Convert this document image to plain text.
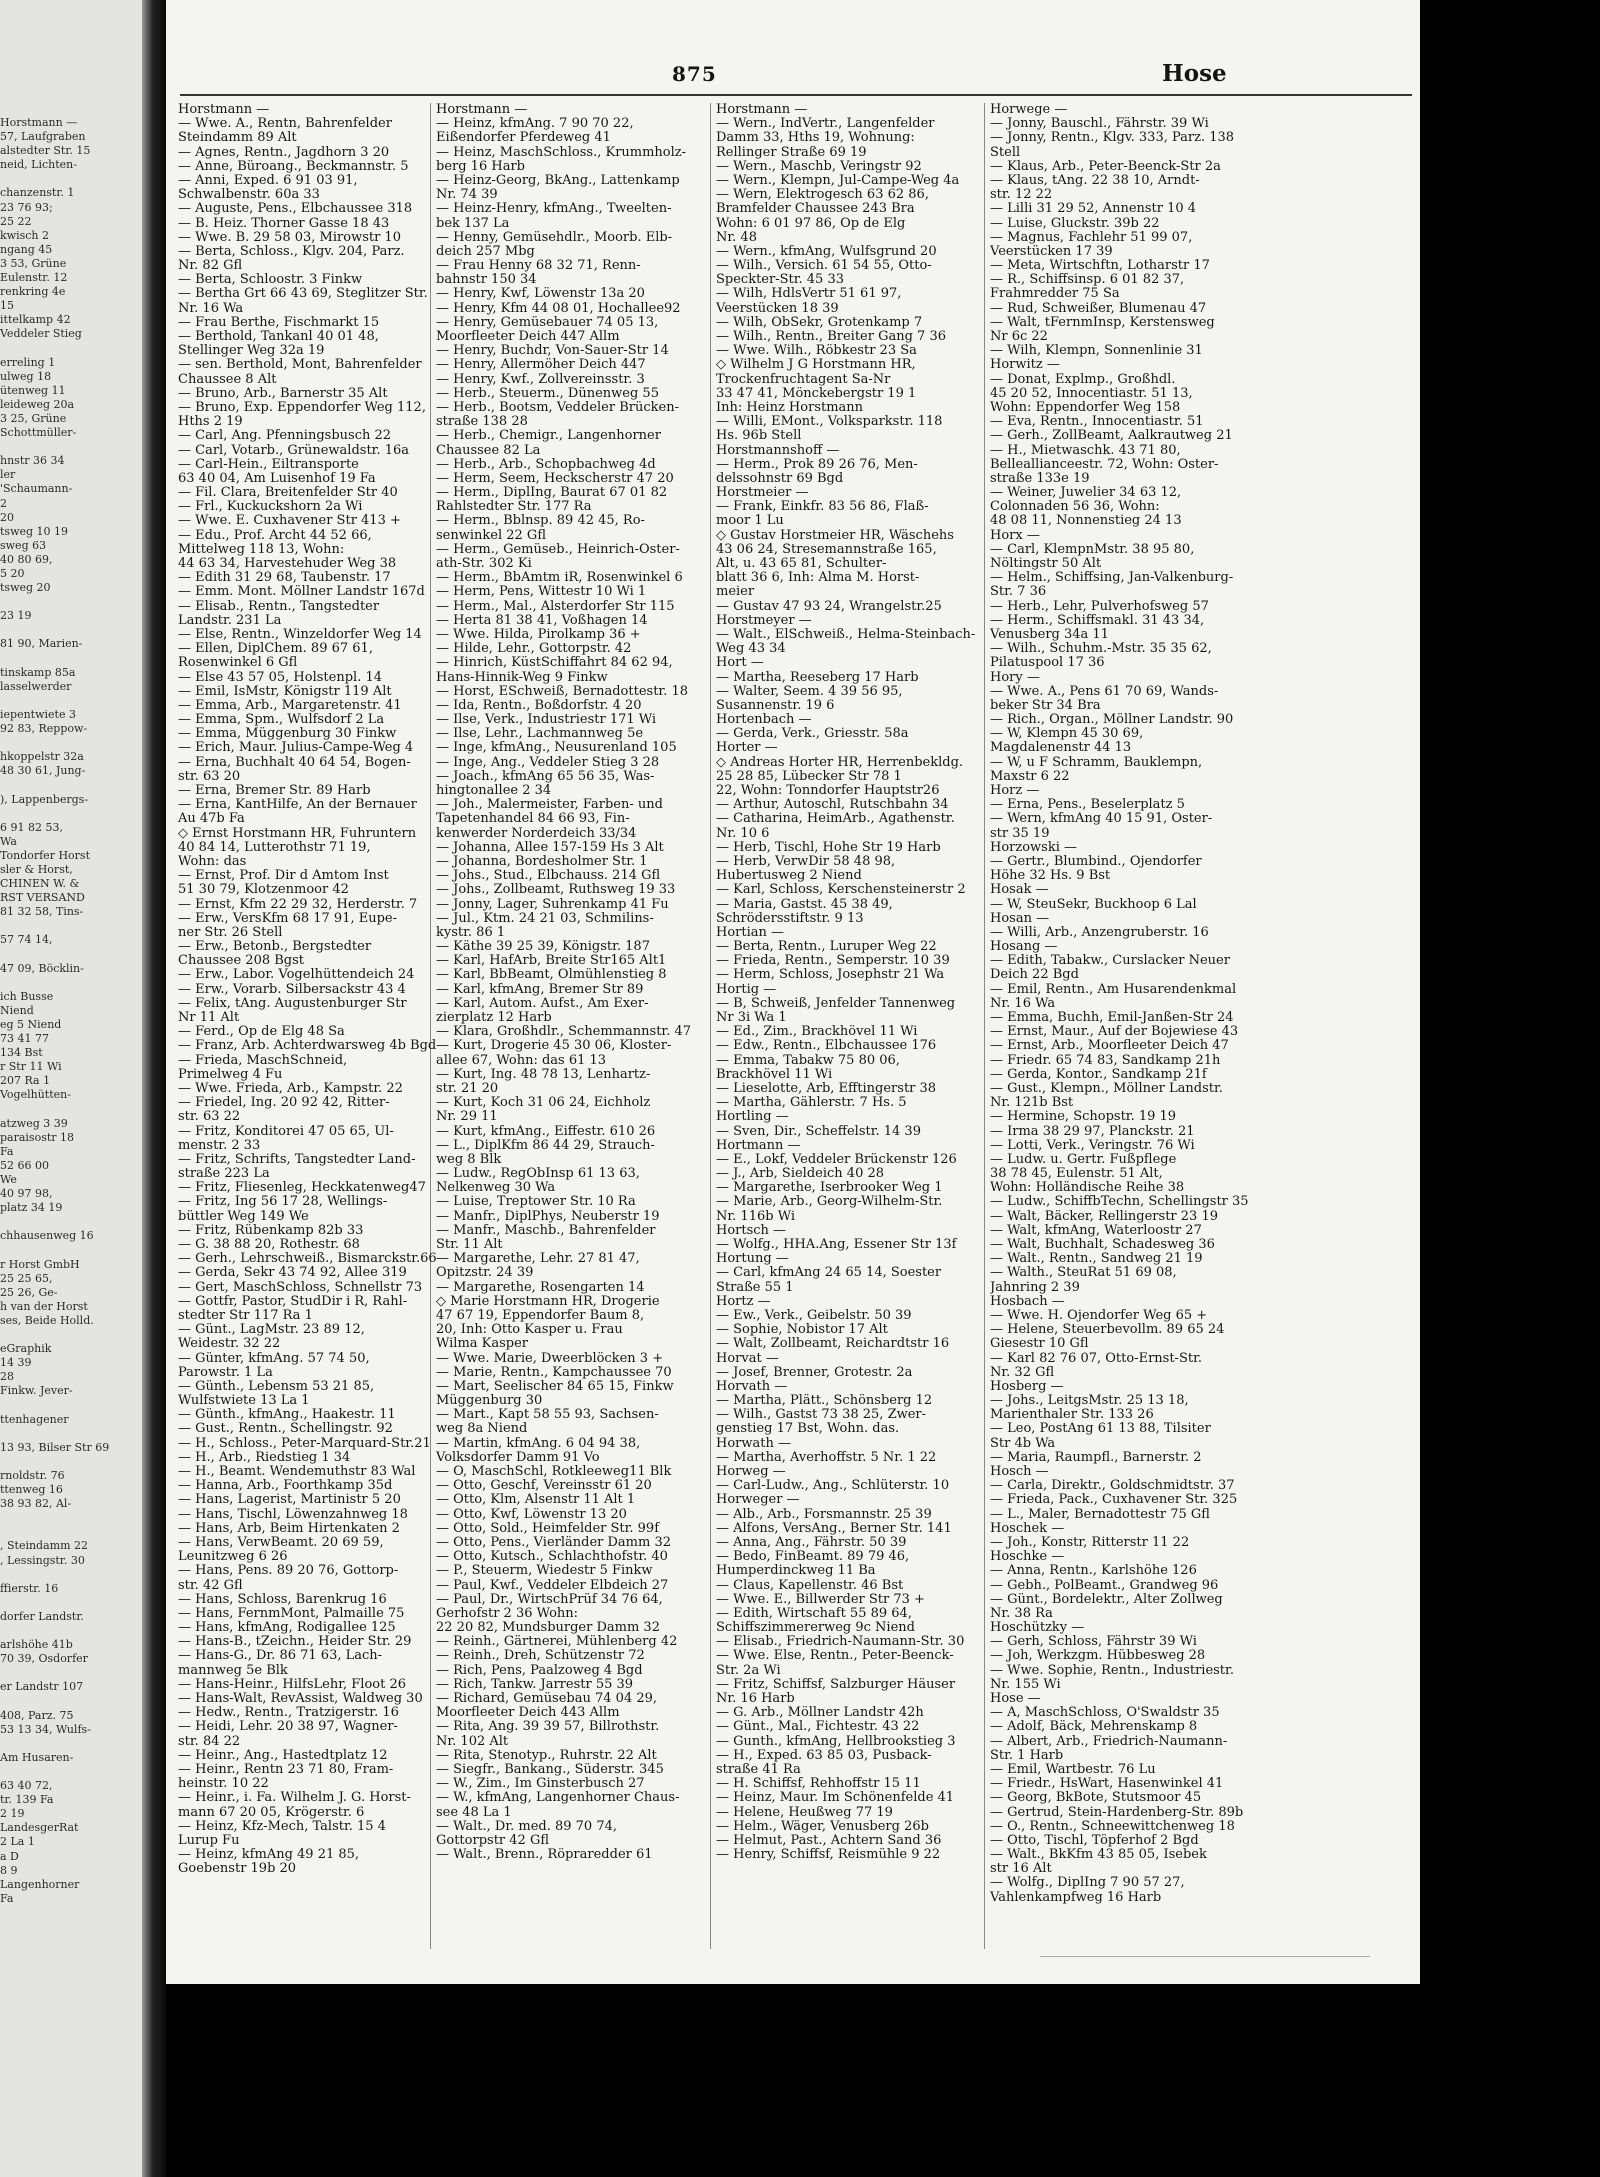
Horstmann —
57, Laufgraben
alstedter Str. 15
neid, Lichten-
chanzenstr. 1
23 76 93;
25 22
kwisch 2
ngang 45
3 53, Grüne
Eulenstr. 12
renkring 4e
15
ittelkamp 42
Veddeler Stieg
erreling 1
ulweg 18
ütenweg 11
leideweg 20a
3 25, Grüne
Schottmüller-
hnstr 36 34
ler
'Schaumann-
2
20
tsweg 10 19
sweg 63
40 80 69,
5 20
tsweg 20
23 19
81 90, Marien-
tinskamp 85a
lasselwerder
iepentwiete 3
92 83, Reppow-
hkoppelstr 32a
48 30 61, Jung-
), Lappenbergs-
6 91 82 53,
Wa
Tondorfer Horst
sler & Horst,
CHINEN W. &
RST VERSAND
81 32 58, Tins-
57 74 14,
47 09, Böcklin-
ich Busse
Niend
eg 5 Niend
73 41 77
134 Bst
r Str 11 Wi
207 Ra 1
Vogelhütten-
atzweg 3 39
paraisostr 18
Fa
52 66 00
We
40 97 98,
platz 34 19
chhausenweg 16
r Horst GmbH
25 25 65,
25 26, Ge-
h van der Horst
ses, Beide Holld.
eGraphik
14 39
28
Finkw. Jever-
ttenhagener
13 93, Bilser Str 69
rnoldstr. 76
ttenweg 16
38 93 82, Al-
, Steindamm 22
, Lessingstr. 30
ffierstr. 16
dorfer Landstr.
arlshöhe 41b
70 39, Osdorfer
er Landstr 107
408, Parz. 75
53 13 34, Wulfs-
Am Husaren-
63 40 72,
tr. 139 Fa
2 19
LandesgerRat
2 La 1
a D
8 9
Langenhorner
Fa
875	Hose
Horstmann —
— Wwe. A., Rentn, Bahrenfelder
Steindamm 89 Alt
— Agnes, Rentn., Jagdhorn 3 20
— Anne, Büroang., Beckmannstr. 5
— Anni, Exped. 6 91 03 91,
Schwalbenstr. 60a 33
— Auguste, Pens., Elbchaussee 318
— B. Heiz. Thorner Gasse 18 43
— Wwe. B. 29 58 03, Mirowstr 10
— Berta, Schloss., Klgv. 204, Parz.
Nr. 82 Gfl
— Berta, Schloostr. 3 Finkw
— Bertha Grt 66 43 69, Steglitzer Str.
Nr. 16 Wa
— Frau Berthe, Fischmarkt 15
— Berthold, Tankanl 40 01 48,
Stellinger Weg 32a 19
— sen. Berthold, Mont, Bahrenfelder
Chaussee 8 Alt
— Bruno, Arb., Barnerstr 35 Alt
— Bruno, Exp. Eppendorfer Weg 112,
Hths 2 19
— Carl, Ang. Pfenningsbusch 22
— Carl, Votarb., Grünewaldstr. 16a
— Carl-Hein., Eiltransporte
63 40 04, Am Luisenhof 19 Fa
— Fil. Clara, Breitenfelder Str 40
— Frl., Kuckuckshorn 2a Wi
— Wwe. E. Cuxhavener Str 413 +
— Edu., Prof. Archt 44 52 66,
Mittelweg 118 13, Wohn:
44 63 34, Harvestehuder Weg 38
— Edith 31 29 68, Taubenstr. 17
— Emm. Mont. Möllner Landstr 167d
— Elisab., Rentn., Tangstedter
Landstr. 231 La
— Else, Rentn., Winzeldorfer Weg 14
— Ellen, DiplChem. 89 67 61,
Rosenwinkel 6 Gfl
— Else 43 57 05, Holstenpl. 14
— Emil, IsMstr, Königstr 119 Alt
— Emma, Arb., Margaretenstr. 41
— Emma, Spm., Wulfsdorf 2 La
— Emma, Müggenburg 30 Finkw
— Erich, Maur. Julius-Campe-Weg 4
— Erna, Buchhalt 40 64 54, Bogen-
str. 63 20
— Erna, Bremer Str. 89 Harb
— Erna, KantHilfe, An der Bernauer
Au 47b Fa
◇ Ernst Horstmann HR, Fuhruntern
40 84 14, Lutterothstr 71 19,
Wohn: das
— Ernst, Prof. Dir d Amtom Inst
51 30 79, Klotzenmoor 42
— Ernst, Kfm 22 29 32, Herderstr. 7
— Erw., VersKfm 68 17 91, Eupe-
ner Str. 26 Stell
— Erw., Betonb., Bergstedter
Chaussee 208 Bgst
— Erw., Labor. Vogelhüttendeich 24
— Erw., Vorarb. Silbersackstr 43 4
— Felix, tAng. Augustenburger Str
Nr 11 Alt
— Ferd., Op de Elg 48 Sa
— Franz, Arb. Achterdwarsweg 4b Bgd
— Frieda, MaschSchneid,
Primelweg 4 Fu
— Wwe. Frieda, Arb., Kampstr. 22
— Friedel, Ing. 20 92 42, Ritter-
str. 63 22
— Fritz, Konditorei 47 05 65, Ul-
menstr. 2 33
— Fritz, Schrifts, Tangstedter Land-
straße 223 La
— Fritz, Fliesenleg, Heckkatenweg47
— Fritz, Ing 56 17 28, Wellings-
büttler Weg 149 We
— Fritz, Rübenkamp 82b 33
— G. 38 88 20, Rothestr. 68
— Gerh., Lehrschweiß., Bismarckstr.66
— Gerda, Sekr 43 74 92, Allee 319
— Gert, MaschSchloss, Schnellstr 73
— Gottfr, Pastor, StudDir i R, Rahl-
stedter Str 117 Ra 1
— Günt., LagMstr. 23 89 12,
Weidestr. 32 22
— Günter, kfmAng. 57 74 50,
Parowstr. 1 La
— Günth., Lebensm 53 21 85,
Wulfstwiete 13 La 1
— Günth., kfmAng., Haakestr. 11
— Gust., Rentn., Schellingstr. 92
— H., Schloss., Peter-Marquard-Str.21
— H., Arb., Riedstieg 1 34
— H., Beamt. Wendemuthstr 83 Wal
— Hanna, Arb., Foorthkamp 35d
— Hans, Lagerist, Martinistr 5 20
— Hans, Tischl, Löwenzahnweg 18
— Hans, Arb, Beim Hirtenkaten 2
— Hans, VerwBeamt. 20 69 59,
Leunitzweg 6 26
— Hans, Pens. 89 20 76, Gottorp-
str. 42 Gfl
— Hans, Schloss, Barenkrug 16
— Hans, FernmMont, Palmaille 75
— Hans, kfmAng, Rodigallee 125
— Hans-B., tZeichn., Heider Str. 29
— Hans-G., Dr. 86 71 63, Lach-
mannweg 5e Blk
— Hans-Heinr., HilfsLehr, Floot 26
— Hans-Walt, RevAssist, Waldweg 30
— Hedw., Rentn., Tratzigerstr. 16
— Heidi, Lehr. 20 38 97, Wagner-
str. 84 22
— Heinr., Ang., Hastedtplatz 12
— Heinr., Rentn 23 71 80, Fram-
heinstr. 10 22
— Heinr., i. Fa. Wilhelm J. G. Horst-
mann 67 20 05, Krögerstr. 6
— Heinz, Kfz-Mech, Talstr. 15 4
Lurup Fu
— Heinz, kfmAng 49 21 85,
Goebenstr 19b 20
Horstmann —
— Heinz, kfmAng. 7 90 70 22,
Eißendorfer Pferdeweg 41
— Heinz, MaschSchloss., Krummholz-
berg 16 Harb
— Heinz-Georg, BkAng., Lattenkamp
Nr. 74 39
— Heinz-Henry, kfmAng., Tweelten-
bek 137 La
— Henny, Gemüsehdlr., Moorb. Elb-
deich 257 Mbg
— Frau Henny 68 32 71, Renn-
bahnstr 150 34
— Henry, Kwf, Löwenstr 13a 20
— Henry, Kfm 44 08 01, Hochallee92
— Henry, Gemüsebauer 74 05 13,
Moorfleeter Deich 447 Allm
— Henry, Buchdr, Von-Sauer-Str 14
— Henry, Allermöher Deich 447
— Henry, Kwf., Zollvereinsstr. 3
— Herb., Steuerm., Dünenweg 55
— Herb., Bootsm, Veddeler Brücken-
straße 138 28
— Herb., Chemigr., Langenhorner
Chaussee 82 La
— Herb., Arb., Schopbachweg 4d
— Herm, Seem, Heckscherstr 47 20
— Herm., DiplIng, Baurat 67 01 82
Rahlstedter Str. 177 Ra
— Herm., Bblnsp. 89 42 45, Ro-
senwinkel 22 Gfl
— Herm., Gemüseb., Heinrich-Oster-
ath-Str. 302 Ki
— Herm., BbAmtm iR, Rosenwinkel 6
— Herm, Pens, Wittestr 10 Wi 1
— Herm., Mal., Alsterdorfer Str 115
— Herta 81 38 41, Voßhagen 14
— Wwe. Hilda, Pirolkamp 36 +
— Hilde, Lehr., Gottorpstr. 42
— Hinrich, KüstSchiffahrt 84 62 94,
Hans-Hinnik-Weg 9 Finkw
— Horst, ESchweiß, Bernadottestr. 18
— Ida, Rentn., Boßdorfstr. 4 20
— Ilse, Verk., Industriestr 171 Wi
— Ilse, Lehr., Lachmannweg 5e
— Inge, kfmAng., Neusurenland 105
— Inge, Ang., Veddeler Stieg 3 28
— Joach., kfmAng 65 56 35, Was-
hingtonallee 2 34
— Joh., Malermeister, Farben- und
Tapetenhandel 84 66 93, Fin-
kenwerder Norderdeich 33/34
— Johanna, Allee 157-159 Hs 3 Alt
— Johanna, Bordesholmer Str. 1
— Johs., Stud., Elbchauss. 214 Gfl
— Johs., Zollbeamt, Ruthsweg 19 33
— Jonny, Lager, Suhrenkamp 41 Fu
— Jul., Ktm. 24 21 03, Schmilins-
kystr. 86 1
— Käthe 39 25 39, Königstr. 187
— Karl, HafArb, Breite Str165 Alt1
— Karl, BbBeamt, Olmühlenstieg 8
— Karl, kfmAng, Bremer Str 89
— Karl, Autom. Aufst., Am Exer-
zierplatz 12 Harb
— Klara, Großhdlr., Schemmannstr. 47
— Kurt, Drogerie 45 30 06, Kloster-
allee 67, Wohn: das 61 13
— Kurt, Ing. 48 78 13, Lenhartz-
str. 21 20
— Kurt, Koch 31 06 24, Eichholz
Nr. 29 11
— Kurt, kfmAng., Eiffestr. 610 26
— L., DiplKfm 86 44 29, Strauch-
weg 8 Blk
— Ludw., RegObInsp 61 13 63,
Nelkenweg 30 Wa
— Luise, Treptower Str. 10 Ra
— Manfr., DiplPhys, Neuberstr 19
— Manfr., Maschb., Bahrenfelder
Str. 11 Alt
— Margarethe, Lehr. 27 81 47,
Opitzstr. 24 39
— Margarethe, Rosengarten 14
◇ Marie Horstmann HR, Drogerie
47 67 19, Eppendorfer Baum 8,
20, Inh: Otto Kasper u. Frau
Wilma Kasper
— Wwe. Marie, Dweerblöcken 3 +
— Marie, Rentn., Kampchaussee 70
— Mart, Seelischer 84 65 15, Finkw
Müggenburg 30
— Mart., Kapt 58 55 93, Sachsen-
weg 8a Niend
— Martin, kfmAng. 6 04 94 38,
Volksdorfer Damm 91 Vo
— O, MaschSchl, Rotkleeweg11 Blk
— Otto, Geschf, Vereinsstr 61 20
— Otto, Klm, Alsenstr 11 Alt 1
— Otto, Kwf, Löwenstr 13 20
— Otto, Sold., Heimfelder Str. 99f
— Otto, Pens., Vierländer Damm 32
— Otto, Kutsch., Schlachthofstr. 40
— P., Steuerm, Wiedestr 5 Finkw
— Paul, Kwf., Veddeler Elbdeich 27
— Paul, Dr., WirtschPrüf 34 76 64,
Gerhofstr 2 36 Wohn:
22 20 82, Mundsburger Damm 32
— Reinh., Gärtnerei, Mühlenberg 42
— Reinh., Dreh, Schützenstr 72
— Rich, Pens, Paalzoweg 4 Bgd
— Rich, Tankw. Jarrestr 55 39
— Richard, Gemüsebau 74 04 29,
Moorfleeter Deich 443 Allm
— Rita, Ang. 39 39 57, Billrothstr.
Nr. 102 Alt
— Rita, Stenotyp., Ruhrstr. 22 Alt
— Siegfr., Bankang., Süderstr. 345
— W., Zim., Im Ginsterbusch 27
— W., kfmAng, Langenhorner Chaus-
see 48 La 1
— Walt., Dr. med. 89 70 74,
Gottorpstr 42 Gfl
— Walt., Brenn., Röpraredder 61
Horstmann —
— Wern., IndVertr., Langenfelder
Damm 33, Hths 19, Wohnung:
Rellinger Straße 69 19
— Wern., Maschb, Veringstr 92
— Wern., Klempn, Jul-Campe-Weg 4a
— Wern, Elektrogesch 63 62 86,
Bramfelder Chaussee 243 Bra
Wohn: 6 01 97 86, Op de Elg
Nr. 48
— Wern., kfmAng, Wulfsgrund 20
— Wilh., Versich. 61 54 55, Otto-
Speckter-Str. 45 33
— Wilh, HdlsVertr 51 61 97,
Veerstücken 18 39
— Wilh, ObSekr, Grotenkamp 7
— Wilh., Rentn., Breiter Gang 7 36
— Wwe. Wilh., Röbkestr 23 Sa
◇ Wilhelm J G Horstmann HR,
Trockenfruchtagent Sa-Nr
33 47 41, Mönckebergstr 19 1
Inh: Heinz Horstmann
— Willi, EMont., Volksparkstr. 118
Hs. 96b Stell
Horstmannshoff —
— Herm., Prok 89 26 76, Men-
delssohnstr 69 Bgd
Horstmeier —
— Frank, Einkfr. 83 56 86, Flaß-
moor 1 Lu
◇ Gustav Horstmeier HR, Wäschehs
43 06 24, Stresemannstraße 165,
Alt, u. 43 65 81, Schulter-
blatt 36 6, Inh: Alma M. Horst-
meier
— Gustav 47 93 24, Wrangelstr.25
Horstmeyer —
— Walt., ElSchweiß., Helma-Steinbach-
Weg 43 34
Hort —
— Martha, Reeseberg 17 Harb
— Walter, Seem. 4 39 56 95,
Susannenstr. 19 6
Hortenbach —
— Gerda, Verk., Griesstr. 58a
Horter —
◇ Andreas Horter HR, Herrenbekldg.
25 28 85, Lübecker Str 78 1
22, Wohn: Tonndorfer Hauptstr26
— Arthur, Autoschl, Rutschbahn 34
— Catharina, HeimArb., Agathenstr.
Nr. 10 6
— Herb, Tischl, Hohe Str 19 Harb
— Herb, VerwDir 58 48 98,
Hubertusweg 2 Niend
— Karl, Schloss, Kerschensteinerstr 2
— Maria, Gastst. 45 38 49,
Schrödersstiftstr. 9 13
Hortian —
— Berta, Rentn., Luruper Weg 22
— Frieda, Rentn., Semperstr. 10 39
— Herm, Schloss, Josephstr 21 Wa
Hortig —
— B, Schweiß, Jenfelder Tannenweg
Nr 3i Wa 1
— Ed., Zim., Brackhövel 11 Wi
— Edw., Rentn., Elbchaussee 176
— Emma, Tabakw 75 80 06,
Brackhövel 11 Wi
— Lieselotte, Arb, Efftingerstr 38
— Martha, Gählerstr. 7 Hs. 5
Hortling —
— Sven, Dir., Scheffelstr. 14 39
Hortmann —
— E., Lokf, Veddeler Brückenstr 126
— J., Arb, Sieldeich 40 28
— Margarethe, Iserbrooker Weg 1
— Marie, Arb., Georg-Wilhelm-Str.
Nr. 116b Wi
Hortsch —
— Wolfg., HHA.Ang, Essener Str 13f
Hortung —
— Carl, kfmAng 24 65 14, Soester
Straße 55 1
Hortz —
— Ew., Verk., Geibelstr. 50 39
— Sophie, Nobistor 17 Alt
— Walt, Zollbeamt, Reichardtstr 16
Horvat —
— Josef, Brenner, Grotestr. 2a
Horvath —
— Martha, Plätt., Schönsberg 12
— Wilh., Gastst 73 38 25, Zwer-
genstieg 17 Bst, Wohn. das.
Horwath —
— Martha, Averhoffstr. 5 Nr. 1 22
Horweg —
— Carl-Ludw., Ang., Schlüterstr. 10
Horweger —
— Alb., Arb., Forsmannstr. 25 39
— Alfons, VersAng., Berner Str. 141
— Anna, Ang., Fährstr. 50 39
— Bedo, FinBeamt. 89 79 46,
Humperdinckweg 11 Ba
— Claus, Kapellenstr. 46 Bst
— Wwe. E., Billwerder Str 73 +
— Edith, Wirtschaft 55 89 64,
Schiffszimmererweg 9c Niend
— Elisab., Friedrich-Naumann-Str. 30
— Wwe. Else, Rentn., Peter-Beenck-
Str. 2a Wi
— Fritz, Schiffsf, Salzburger Häuser
Nr. 16 Harb
— G. Arb., Möllner Landstr 42h
— Günt., Mal., Fichtestr. 43 22
— Gunth., kfmAng, Hellbrookstieg 3
— H., Exped. 63 85 03, Pusback-
straße 41 Ra
— H. Schiffsf, Rehhoffstr 15 11
— Heinz, Maur. Im Schönenfelde 41
— Helene, Heußweg 77 19
— Helm., Wäger, Venusberg 26b
— Helmut, Past., Achtern Sand 36
— Henry, Schiffsf, Reismühle 9 22
Horwege —
— Jonny, Bauschl., Fährstr. 39 Wi
— Jonny, Rentn., Klgv. 333, Parz. 138
Stell
— Klaus, Arb., Peter-Beenck-Str 2a
— Klaus, tAng. 22 38 10, Arndt-
str. 12 22
— Lilli 31 29 52, Annenstr 10 4
— Luise, Gluckstr. 39b 22
— Magnus, Fachlehr 51 99 07,
Veerstücken 17 39
— Meta, Wirtschftn, Lotharstr 17
— R., Schiffsinsp. 6 01 82 37,
Frahmredder 75 Sa
— Rud, Schweißer, Blumenau 47
— Walt, tFernmInsp, Kerstensweg
Nr 6c 22
— Wilh, Klempn, Sonnenlinie 31
Horwitz —
— Donat, Explmp., Großhdl.
45 20 52, Innocentiastr. 51 13,
Wohn: Eppendorfer Weg 158
— Eva, Rentn., Innocentiastr. 51
— Gerh., ZollBeamt, Aalkrautweg 21
— H., Mietwaschk. 43 71 80,
Belleallianceestr. 72, Wohn: Oster-
straße 133e 19
— Weiner, Juwelier 34 63 12,
Colonnaden 56 36, Wohn:
48 08 11, Nonnenstieg 24 13
Horx —
— Carl, KlempnMstr. 38 95 80,
Nöltingstr 50 Alt
— Helm., Schiffsing, Jan-Valkenburg-
Str. 7 36
— Herb., Lehr, Pulverhofsweg 57
— Herm., Schiffsmakl. 31 43 34,
Venusberg 34a 11
— Wilh., Schuhm.-Mstr. 35 35 62,
Pilatuspool 17 36
Hory —
— Wwe. A., Pens 61 70 69, Wands-
beker Str 34 Bra
— Rich., Organ., Möllner Landstr. 90
— W, Klempn 45 30 69,
Magdalenenstr 44 13
— W, u F Schramm, Bauklempn,
Maxstr 6 22
Horz —
— Erna, Pens., Beselerplatz 5
— Wern, kfmAng 40 15 91, Oster-
str 35 19
Horzowski —
— Gertr., Blumbind., Öjendorfer
Höhe 32 Hs. 9 Bst
Hosak —
— W, SteuSekr, Buckhoop 6 Lal
Hosan —
— Willi, Arb., Anzengruberstr. 16
Hosang —
— Edith, Tabakw., Curslacker Neuer
Deich 22 Bgd
— Emil, Rentn., Am Husarendenkmal
Nr. 16 Wa
— Emma, Buchh, Emil-Janßen-Str 24
— Ernst, Maur., Auf der Bojewiese 43
— Ernst, Arb., Moorfleeter Deich 47
— Friedr. 65 74 83, Sandkamp 21h
— Gerda, Kontor., Sandkamp 21f
— Gust., Klempn., Möllner Landstr.
Nr. 121b Bst
— Hermine, Schopstr. 19 19
— Irma 38 29 97, Planckstr. 21
— Lotti, Verk., Veringstr. 76 Wi
— Ludw. u. Gertr. Fußpflege
38 78 45, Eulenstr. 51 Alt,
Wohn: Holländische Reihe 38
— Ludw., SchiffbTechn, Schellingstr 35
— Walt, Bäcker, Rellingerstr 23 19
— Walt, kfmAng, Waterloostr 27
— Walt, Buchhalt, Schadesweg 36
— Walt., Rentn., Sandweg 21 19
— Walth., SteuRat 51 69 08,
Jahnring 2 39
Hosbach —
— Wwe. H. Öjendorfer Weg 65 +
— Helene, Steuerbevollm. 89 65 24
Giesestr 10 Gfl
— Karl 82 76 07, Otto-Ernst-Str.
Nr. 32 Gfl
Hosberg —
— Johs., LeitgsMstr. 25 13 18,
Marienthaler Str. 133 26
— Leo, PostAng 61 13 88, Tilsiter
Str 4b Wa
— Maria, Raumpfl., Barnerstr. 2
Hosch —
— Carla, Direktr., Goldschmidtstr. 37
— Frieda, Pack., Cuxhavener Str. 325
— L., Maler, Bernadottestr 75 Gfl
Hoschek —
— Joh., Konstr, Ritterstr 11 22
Hoschke —
— Anna, Rentn., Karlshöhe 126
— Gebh., PolBeamt., Grandweg 96
— Günt., Bordelektr., Alter Zollweg
Nr. 38 Ra
Hoschützky —
— Gerh, Schloss, Fährstr 39 Wi
— Joh, Werkzgm. Hübbesweg 28
— Wwe. Sophie, Rentn., Industriestr.
Nr. 155 Wi
Hose —
— A, MaschSchloss, O'Swaldstr 35
— Adolf, Bäck, Mehrenskamp 8
— Albert, Arb., Friedrich-Naumann-
Str. 1 Harb
— Emil, Wartbestr. 76 Lu
— Friedr., HsWart, Hasenwinkel 41
— Georg, BkBote, Stutsmoor 45
— Gertrud, Stein-Hardenberg-Str. 89b
— O., Rentn., Schneewittchenweg 18
— Otto, Tischl, Töpferhof 2 Bgd
— Walt., BkKfm 43 85 05, Isebek
str 16 Alt
— Wolfg., DiplIng 7 90 57 27,
Vahlenkampfweg 16 Harb
